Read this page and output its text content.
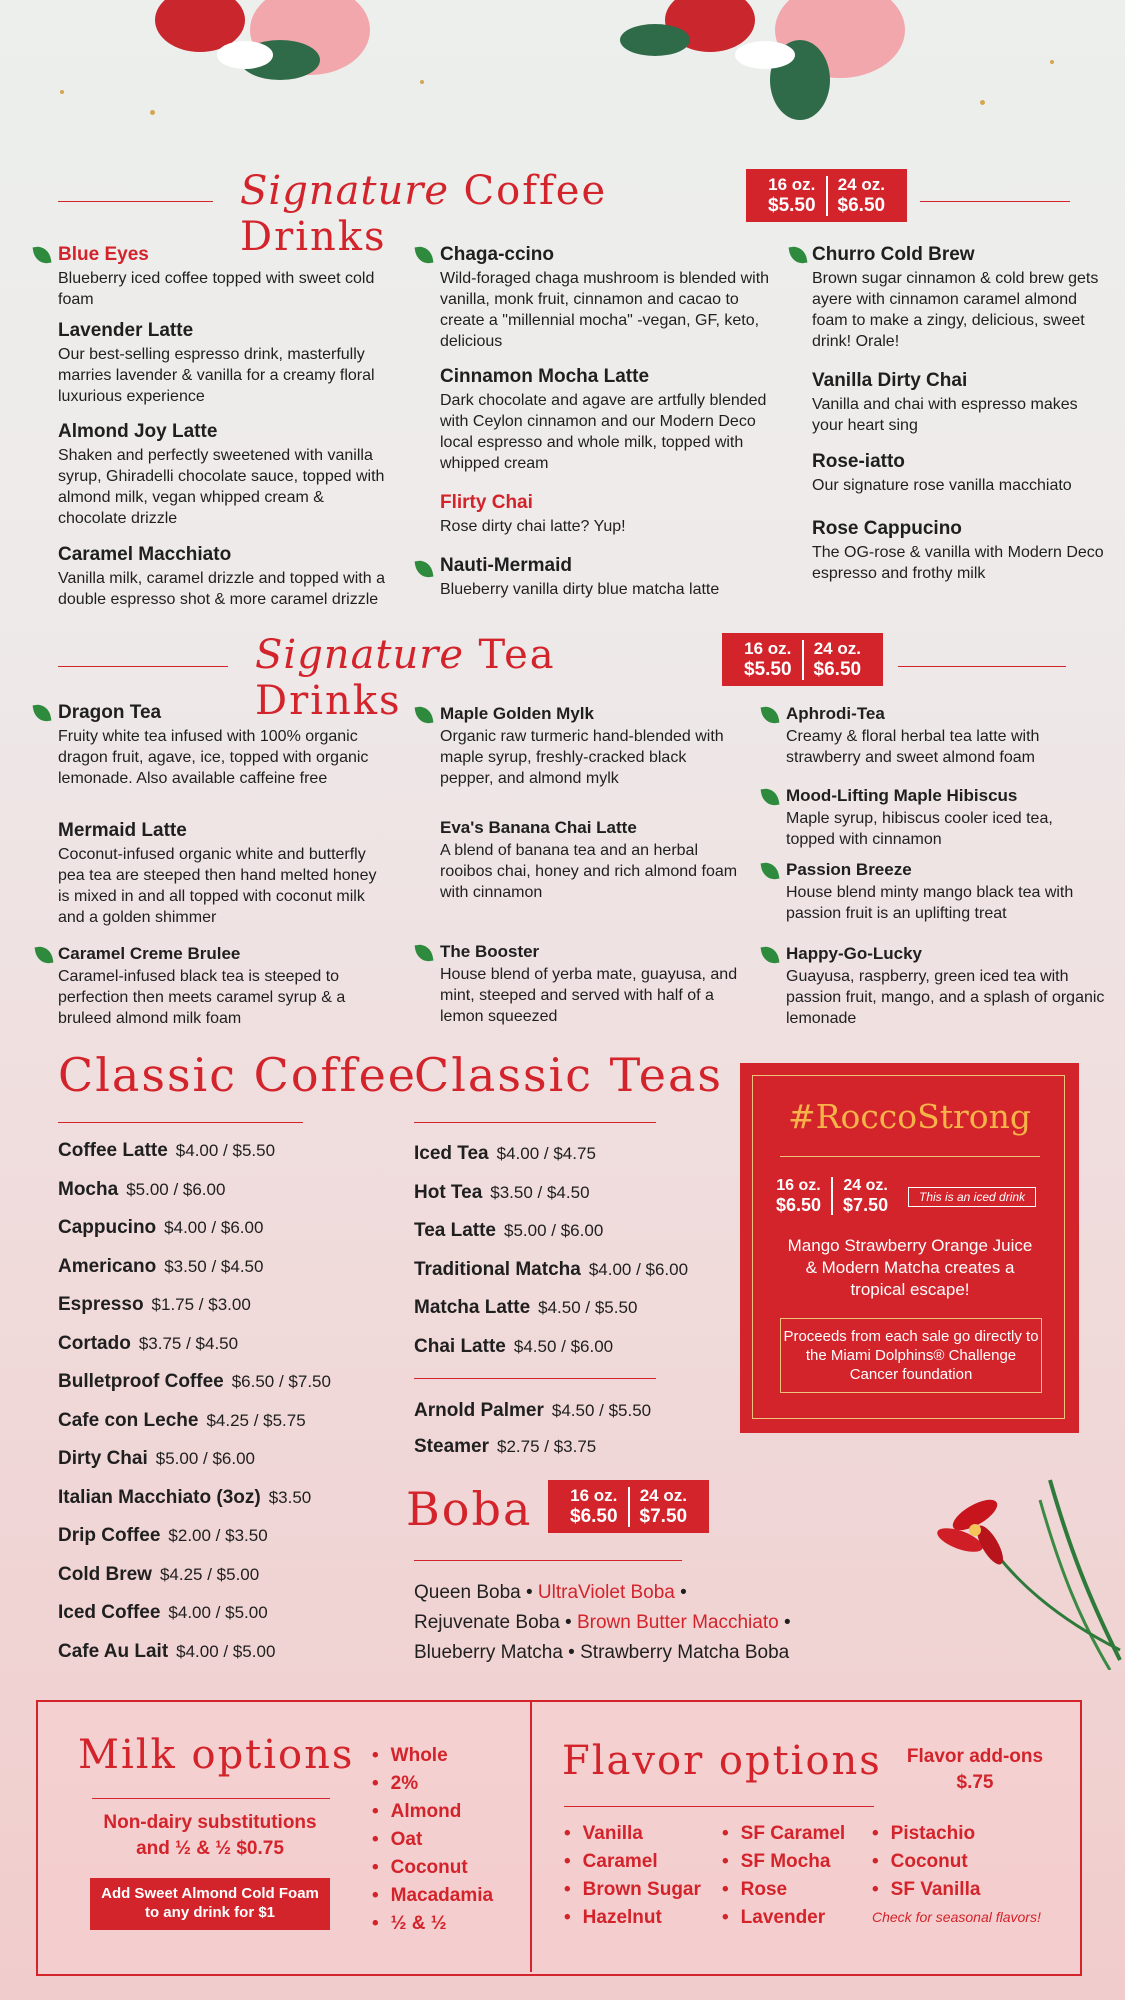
Signature Coffee Drinks
16 oz.
$5.50
24 oz.
$6.50
Blue Eyes
Blueberry iced coffee topped with sweet cold foam
Lavender Latte
Our best-selling espresso drink, masterfully marries lavender & vanilla for a creamy floral luxurious experience
Almond Joy Latte
Shaken and perfectly sweetened with vanilla syrup, Ghiradelli chocolate sauce, topped with almond milk, vegan whipped cream & chocolate drizzle
Caramel Macchiato
Vanilla milk, caramel drizzle and topped with a double espresso shot & more caramel drizzle
Chaga-ccino
Wild-foraged chaga mushroom is blended with vanilla, monk fruit, cinnamon and cacao to create a "millennial mocha" -vegan, GF, keto, delicious
Cinnamon Mocha Latte
Dark chocolate and agave are artfully blended with Ceylon cinnamon and our Modern Deco local espresso and whole milk, topped with whipped cream
Flirty Chai
Rose dirty chai latte? Yup!
Nauti-Mermaid
Blueberry vanilla dirty blue matcha latte
Churro Cold Brew
Brown sugar cinnamon & cold brew gets ayere with cinnamon caramel almond foam to make a zingy, delicious, sweet drink! Orale!
Vanilla Dirty Chai
Vanilla and chai with espresso makes your heart sing
Rose-iatto
Our signature rose vanilla macchiato
Rose Cappucino
The OG-rose & vanilla with Modern Deco espresso and frothy milk
Signature Tea Drinks
16 oz.
$5.50
24 oz.
$6.50
Dragon Tea
Fruity white tea infused with 100% organic dragon fruit, agave, ice, topped with organic lemonade. Also available caffeine free
Mermaid Latte
Coconut-infused organic white and butterfly pea tea are steeped then hand melted honey is mixed in and all topped with coconut milk and a golden shimmer
Caramel Creme Brulee
Caramel-infused black tea is steeped to perfection then meets caramel syrup & a bruleed almond milk foam
Maple Golden Mylk
Organic raw turmeric hand-blended with maple syrup, freshly-cracked black pepper, and almond mylk
Eva's Banana Chai Latte
A blend of banana tea and an herbal rooibos chai, honey and rich almond foam with cinnamon
The Booster
House blend of yerba mate, guayusa, and mint, steeped and served with half of a lemon squeezed
Aphrodi-Tea
Creamy & floral herbal tea latte with strawberry and sweet almond foam
Mood-Lifting Maple Hibiscus
Maple syrup, hibiscus cooler iced tea, topped with cinnamon
Passion Breeze
House blend minty mango black tea with passion fruit is an uplifting treat
Happy-Go-Lucky
Guayusa, raspberry, green iced tea with passion fruit, mango, and a splash of organic lemonade
Classic Coffee
Coffee Latte $4.00 / $5.50
Mocha $5.00 / $6.00
Cappucino $4.00 / $6.00
Americano $3.50 / $4.50
Espresso $1.75 / $3.00
Cortado $3.75 / $4.50
Bulletproof Coffee $6.50 / $7.50
Cafe con Leche $4.25 / $5.75
Dirty Chai $5.00 / $6.00
Italian Macchiato (3oz) $3.50
Drip Coffee $2.00 / $3.50
Cold Brew $4.25 / $5.00
Iced Coffee $4.00 / $5.00
Cafe Au Lait $4.00 / $5.00
Classic Teas
Iced Tea $4.00 / $4.75
Hot Tea $3.50 / $4.50
Tea Latte $5.00 / $6.00
Traditional Matcha $4.00 / $6.00
Matcha Latte $4.50 / $5.50
Chai Latte $4.50 / $6.00
Arnold Palmer $4.50 / $5.50
Steamer $2.75 / $3.75
Boba 16 oz.
$6.50
24 oz.
$7.50
Queen Boba • UltraViolet Boba •
Rejuvenate Boba • Brown Butter Macchiato •
Blueberry Matcha • Strawberry Matcha Boba
#RoccoStrong
16 oz.
$6.50
24 oz.
$7.50	This is an iced drink
Mango Strawberry Orange Juice & Modern Matcha creates a tropical escape!
Proceeds from each sale go directly to the Miami Dolphins® Challenge Cancer foundation
Milk options
Non-dairy substitutions and ½ & ½ $0.75
Add Sweet Almond Cold Foam to any drink for $1
• Whole
• 2%
• Almond
• Oat
• Coconut
• Macadamia
• ½ & ½
Flavor options	Flavor add-ons $.75
• Vanilla
• Caramel
• Brown Sugar
• Hazelnut
• SF Caramel
• SF Mocha
• Rose
• Lavender
• Pistachio
• Coconut
• SF Vanilla
Check for seasonal flavors!
